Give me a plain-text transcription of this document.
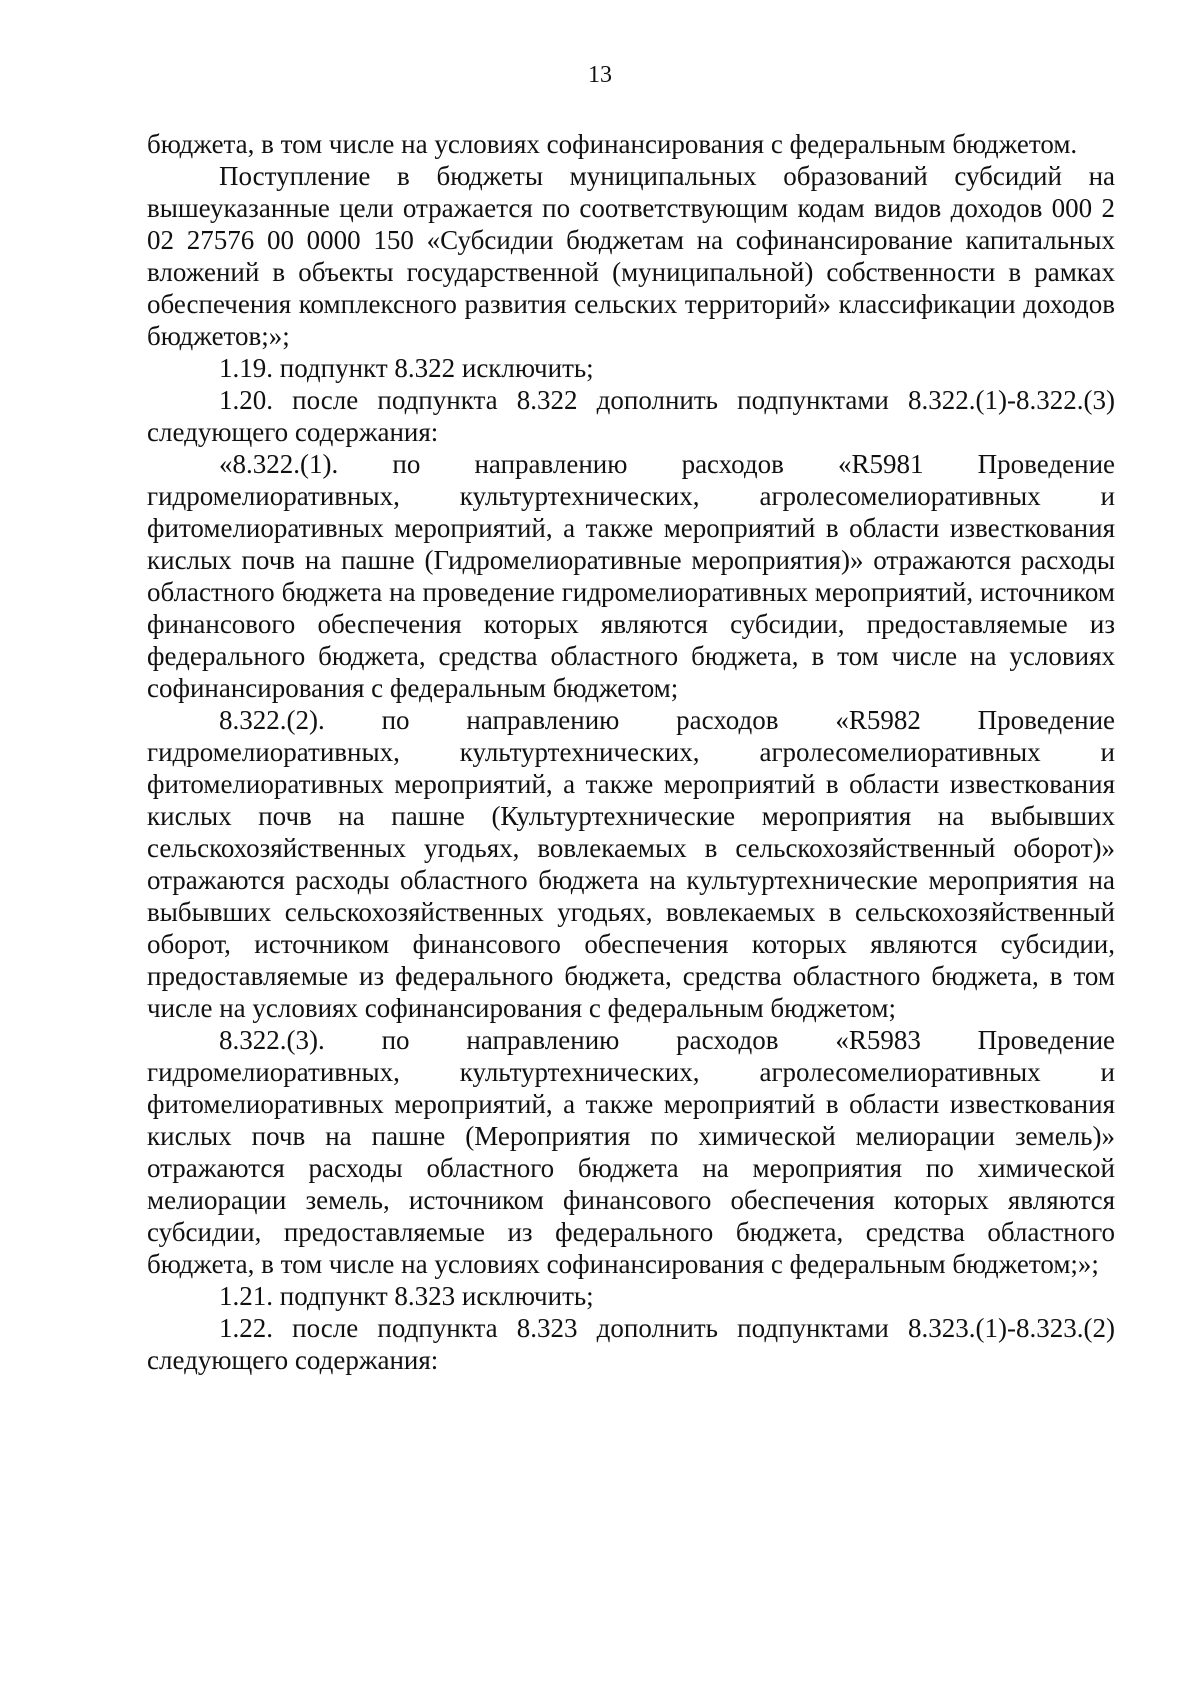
13

бюджета, в том числе на условиях софинансирования с федеральным бюджетом.

Поступление в бюджеты муниципальных образований субсидий на вышеуказанные цели отражается по соответствующим кодам видов доходов 000 2 02 27576 00 0000 150 «Субсидии бюджетам на софинансирование капитальных вложений в объекты государственной (муниципальной) собственности в рамках обеспечения комплексного развития сельских территорий» классификации доходов бюджетов;»;

1.19. подпункт 8.322 исключить;

1.20. после подпункта 8.322 дополнить подпунктами 8.322.(1)-8.322.(3) следующего содержания:

«8.322.(1). по направлению расходов «R5981 Проведение гидромелиоративных, культуртехнических, агролесомелиоративных и фитомелиоративных мероприятий, а также мероприятий в области известкования кислых почв на пашне (Гидромелиоративные мероприятия)» отражаются расходы областного бюджета на проведение гидромелиоративных мероприятий, источником финансового обеспечения которых являются субсидии, предоставляемые из федерального бюджета, средства областного бюджета, в том числе на условиях софинансирования с федеральным бюджетом;

8.322.(2). по направлению расходов «R5982 Проведение гидромелиоративных, культуртехнических, агролесомелиоративных и фитомелиоративных мероприятий, а также мероприятий в области известкования кислых почв на пашне (Культуртехнические мероприятия на выбывших сельскохозяйственных угодьях, вовлекаемых в сельскохозяйственный оборот)» отражаются расходы областного бюджета на культуртехнические мероприятия на выбывших сельскохозяйственных угодьях, вовлекаемых в сельскохозяйственный оборот, источником финансового обеспечения которых являются субсидии, предоставляемые из федерального бюджета, средства областного бюджета, в том числе на условиях софинансирования с федеральным бюджетом;

8.322.(3). по направлению расходов «R5983 Проведение гидромелиоративных, культуртехнических, агролесомелиоративных и фитомелиоративных мероприятий, а также мероприятий в области известкования кислых почв на пашне (Мероприятия по химической мелиорации земель)» отражаются расходы областного бюджета на мероприятия по химической мелиорации земель, источником финансового обеспечения которых являются субсидии, предоставляемые из федерального бюджета, средства областного бюджета, в том числе на условиях софинансирования с федеральным бюджетом;»;

1.21. подпункт 8.323 исключить;

1.22. после подпункта 8.323 дополнить подпунктами 8.323.(1)-8.323.(2) следующего содержания:
